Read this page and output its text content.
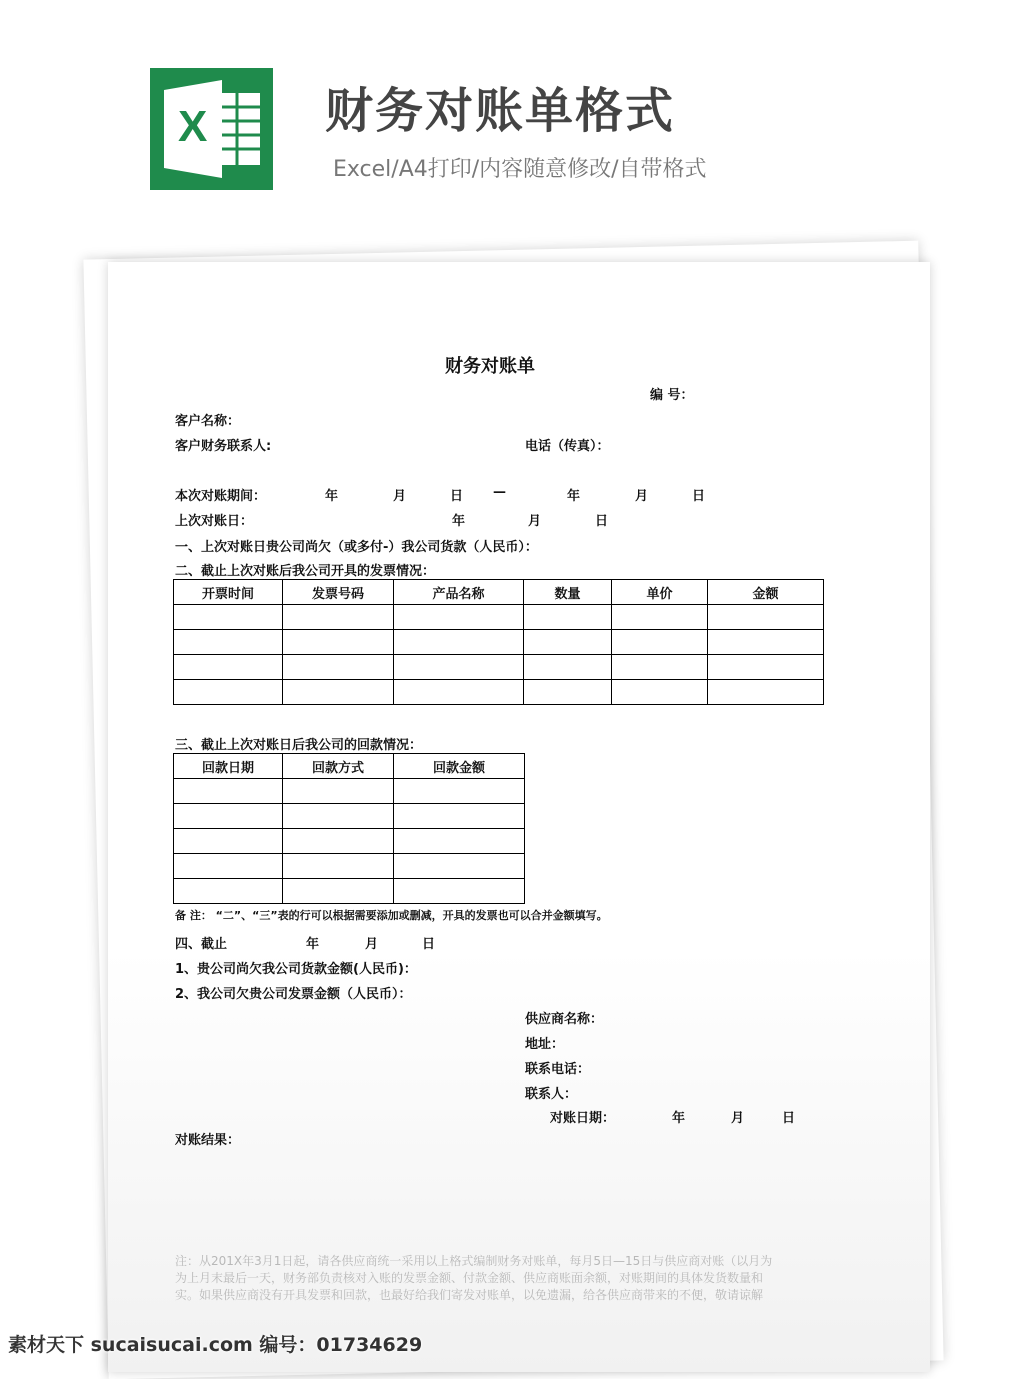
X 财务对账单格式
Excel/A4打印/内容随意修改/自带格式
财务对账单
编 号：
客户名称：
客户财务联系人:	电话（传真）：
本次对账期间：	年	月	日 —	年	月	日
上次对账日：	年	月	日
一、上次对账日贵公司尚欠（或多付-）我公司货款（人民币）：
二、截止上次对账后我公司开具的发票情况：
开票时间	发票号码	产品名称	数量	单价	金额

三、截止上次对账日后我公司的回款情况：
回款日期	回款方式	回款金额

备 注： “二”、“三”表的行可以根据需要添加或删减，开具的发票也可以合并金额填写。
四、截止	年	月	日
1、贵公司尚欠我公司货款金额(人民币)：
2、我公司欠贵公司发票金额（人民币）：
供应商名称：
地址：
联系电话：
联系人：
对账日期：	年	月	日
对账结果：
注：从201X年3月1日起，请各供应商统一采用以上格式编制财务对账单，每月5日—15日与供应商对账（以月为
为上月末最后一天，财务部负责核对入账的发票金额、付款金额、供应商账面余额，对账期间的具体发货数量和
实。如果供应商没有开具发票和回款，也最好给我们寄发对账单，以免遗漏，给各供应商带来的不便，敬请谅解
素材天下 sucaisucai.com 编号：01734629
